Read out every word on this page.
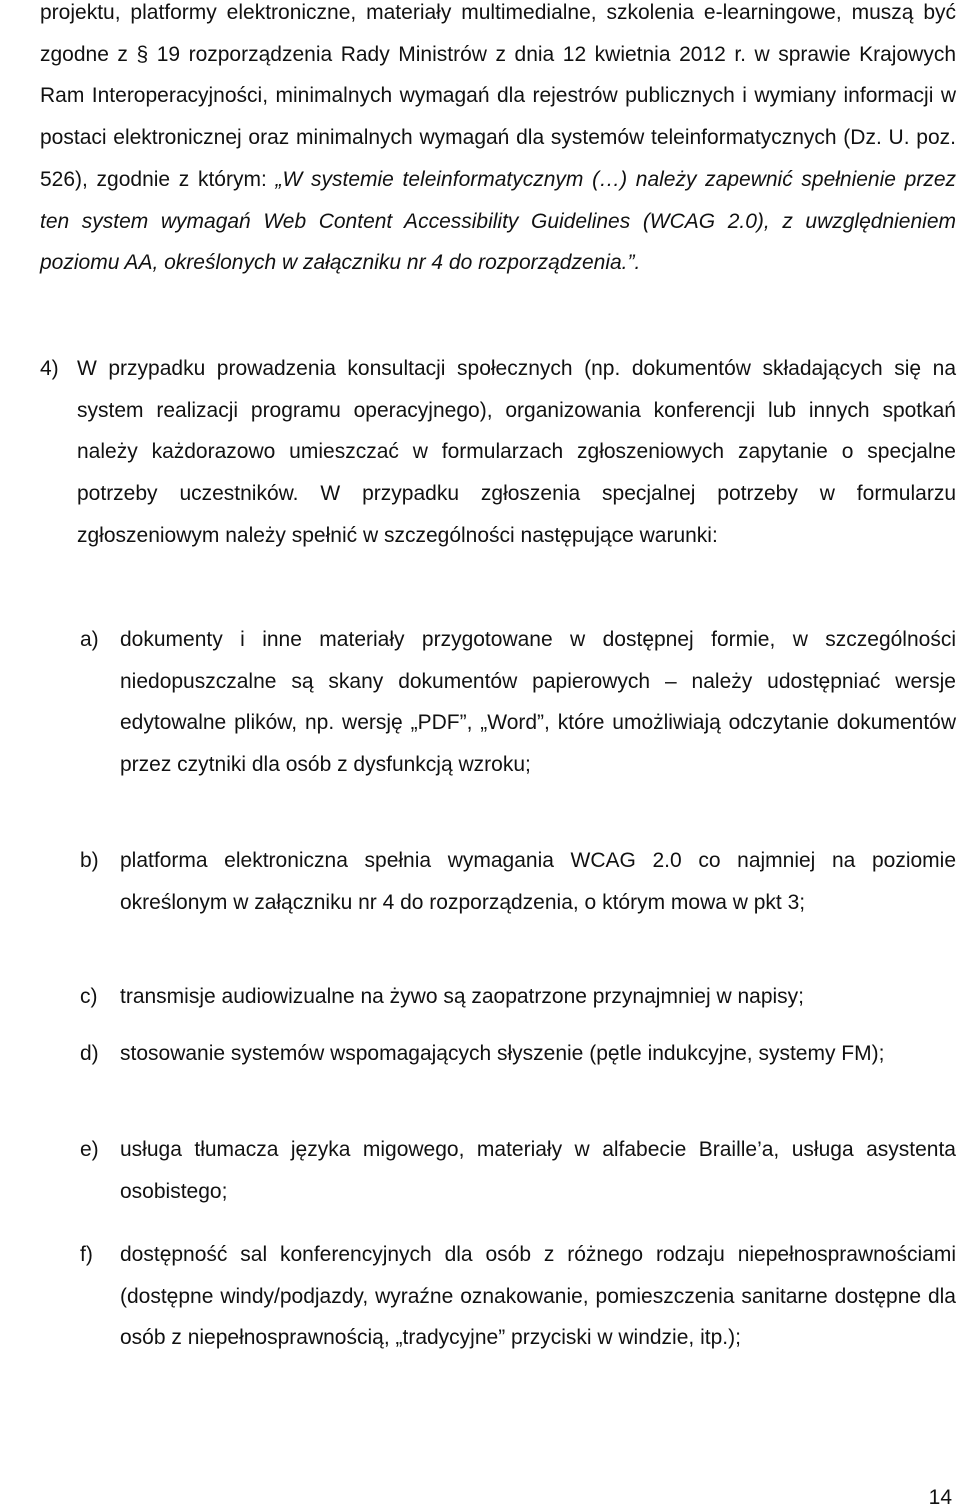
projektu, platformy elektroniczne, materiały multimedialne, szkolenia e-learningowe, muszą być zgodne z § 19 rozporządzenia Rady Ministrów z dnia 12 kwietnia 2012 r. w sprawie Krajowych Ram Interoperacyjności, minimalnych wymagań dla rejestrów publicznych i wymiany informacji w postaci elektronicznej oraz minimalnych wymagań dla systemów teleinformatycznych (Dz. U. poz. 526), zgodnie z którym: „W systemie teleinformatycznym (…) należy zapewnić spełnienie przez ten system wymagań Web Content Accessibility Guidelines (WCAG 2.0), z uwzględnieniem poziomu AA, określonych w załączniku nr 4 do rozporządzenia.”.

4) W przypadku prowadzenia konsultacji społecznych (np. dokumentów składających się na system realizacji programu operacyjnego), organizowania konferencji lub innych spotkań należy każdorazowo umieszczać w formularzach zgłoszeniowych zapytanie o specjalne potrzeby uczestników. W przypadku zgłoszenia specjalnej potrzeby w formularzu zgłoszeniowym należy spełnić w szczególności następujące warunki:

a) dokumenty i inne materiały przygotowane w dostępnej formie, w szczególności niedopuszczalne są skany dokumentów papierowych – należy udostępniać wersje edytowalne plików, np. wersję „PDF”, „Word”, które umożliwiają odczytanie dokumentów przez czytniki dla osób z dysfunkcją wzroku;
b) platforma elektroniczna spełnia wymagania WCAG 2.0 co najmniej na poziomie określonym w załączniku nr 4 do rozporządzenia, o którym mowa w pkt 3;
c) transmisje audiowizualne na żywo są zaopatrzone przynajmniej w napisy;
d) stosowanie systemów wspomagających słyszenie (pętle indukcyjne, systemy FM);
e) usługa tłumacza języka migowego, materiały w alfabecie Braille’a, usługa asystenta osobistego;
f) dostępność sal konferencyjnych dla osób z różnego rodzaju niepełnosprawnościami (dostępne windy/podjazdy, wyraźne oznakowanie, pomieszczenia sanitarne dostępne dla osób z niepełnosprawnością, „tradycyjne” przyciski w windzie, itp.);
14
